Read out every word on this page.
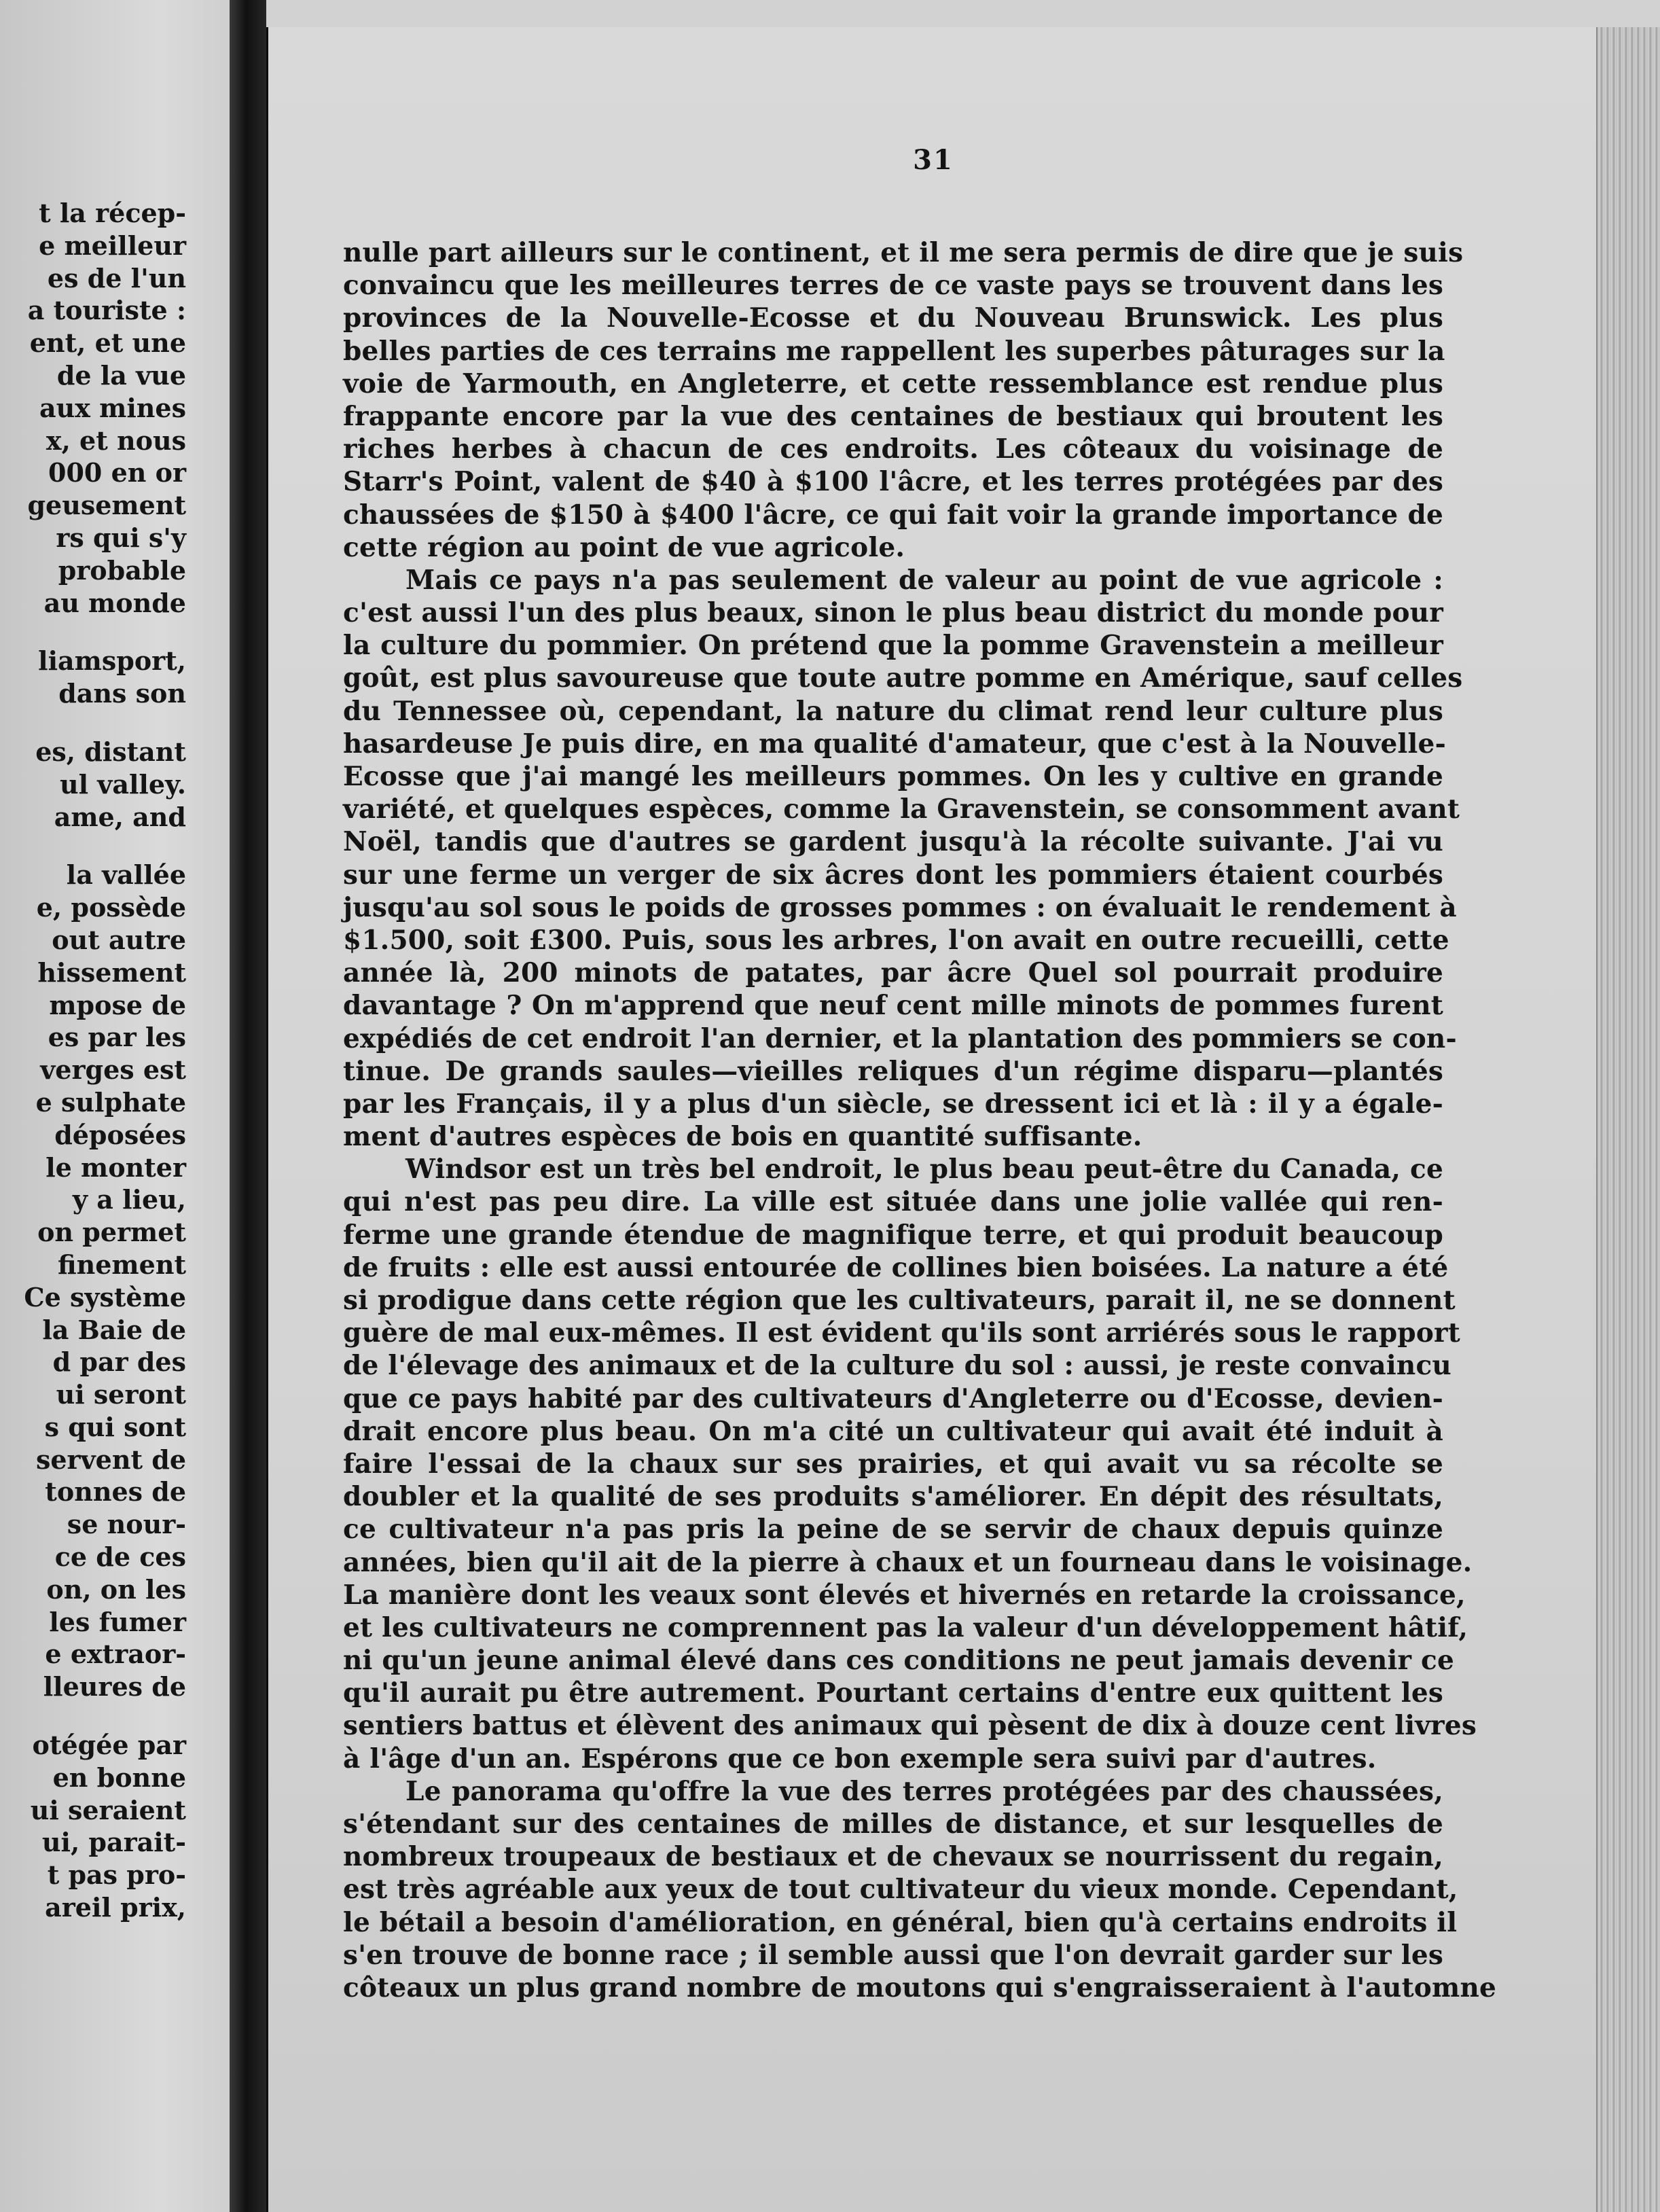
t la récep-
e meilleur
es de l'un
a touriste :
ent, et une
de la vue
aux mines
x, et nous
000 en or
geusement
rs qui s'y
probable
au monde
liamsport,
dans son
es, distant
ul valley.
ame, and
la vallée
e, possède
out autre
hissement
mpose de
es par les
verges est
e sulphate
déposées
le monter
y a lieu,
on permet
finement
Ce système
la Baie de
d par des
ui seront
s qui sont
servent de
tonnes de
se nour-
ce de ces
on, on les
les fumer
e extraor-
lleures de
otégée par
en bonne
ui seraient
ui, parait-
t pas pro-
areil prix,
31
nulle part ailleurs sur le continent, et il me sera permis de dire que je suis
convaincu que les meilleures terres de ce vaste pays se trouvent dans les
provinces de la Nouvelle-Ecosse et du Nouveau Brunswick. Les plus
belles parties de ces terrains me rappellent les superbes pâturages sur la
voie de Yarmouth, en Angleterre, et cette ressemblance est rendue plus
frappante encore par la vue des centaines de bestiaux qui broutent les
riches herbes à chacun de ces endroits. Les côteaux du voisinage de
Starr's Point, valent de $40 à $100 l'âcre, et les terres protégées par des
chaussées de $150 à $400 l'âcre, ce qui fait voir la grande importance de
cette région au point de vue agricole.
Mais ce pays n'a pas seulement de valeur au point de vue agricole :
c'est aussi l'un des plus beaux, sinon le plus beau district du monde pour
la culture du pommier. On prétend que la pomme Gravenstein a meilleur
goût, est plus savoureuse que toute autre pomme en Amérique, sauf celles
du Tennessee où, cependant, la nature du climat rend leur culture plus
hasardeuse Je puis dire, en ma qualité d'amateur, que c'est à la Nouvelle-
Ecosse que j'ai mangé les meilleurs pommes. On les y cultive en grande
variété, et quelques espèces, comme la Gravenstein, se consomment avant
Noël, tandis que d'autres se gardent jusqu'à la récolte suivante. J'ai vu
sur une ferme un verger de six âcres dont les pommiers étaient courbés
jusqu'au sol sous le poids de grosses pommes : on évaluait le rendement à
$1.500, soit £300. Puis, sous les arbres, l'on avait en outre recueilli, cette
année là, 200 minots de patates, par âcre Quel sol pourrait produire
davantage ? On m'apprend que neuf cent mille minots de pommes furent
expédiés de cet endroit l'an dernier, et la plantation des pommiers se con-
tinue. De grands saules—vieilles reliques d'un régime disparu—plantés
par les Français, il y a plus d'un siècle, se dressent ici et là : il y a égale-
ment d'autres espèces de bois en quantité suffisante.
Windsor est un très bel endroit, le plus beau peut-être du Canada, ce
qui n'est pas peu dire. La ville est située dans une jolie vallée qui ren-
ferme une grande étendue de magnifique terre, et qui produit beaucoup
de fruits : elle est aussi entourée de collines bien boisées. La nature a été
si prodigue dans cette région que les cultivateurs, parait il, ne se donnent
guère de mal eux-mêmes. Il est évident qu'ils sont arriérés sous le rapport
de l'élevage des animaux et de la culture du sol : aussi, je reste convaincu
que ce pays habité par des cultivateurs d'Angleterre ou d'Ecosse, devien-
drait encore plus beau. On m'a cité un cultivateur qui avait été induit à
faire l'essai de la chaux sur ses prairies, et qui avait vu sa récolte se
doubler et la qualité de ses produits s'améliorer. En dépit des résultats,
ce cultivateur n'a pas pris la peine de se servir de chaux depuis quinze
années, bien qu'il ait de la pierre à chaux et un fourneau dans le voisinage.
La manière dont les veaux sont élevés et hivernés en retarde la croissance,
et les cultivateurs ne comprennent pas la valeur d'un développement hâtif,
ni qu'un jeune animal élevé dans ces conditions ne peut jamais devenir ce
qu'il aurait pu être autrement. Pourtant certains d'entre eux quittent les
sentiers battus et élèvent des animaux qui pèsent de dix à douze cent livres
à l'âge d'un an. Espérons que ce bon exemple sera suivi par d'autres.
Le panorama qu'offre la vue des terres protégées par des chaussées,
s'étendant sur des centaines de milles de distance, et sur lesquelles de
nombreux troupeaux de bestiaux et de chevaux se nourrissent du regain,
est très agréable aux yeux de tout cultivateur du vieux monde. Cependant,
le bétail a besoin d'amélioration, en général, bien qu'à certains endroits il
s'en trouve de bonne race ; il semble aussi que l'on devrait garder sur les
côteaux un plus grand nombre de moutons qui s'engraisseraient à l'automne
